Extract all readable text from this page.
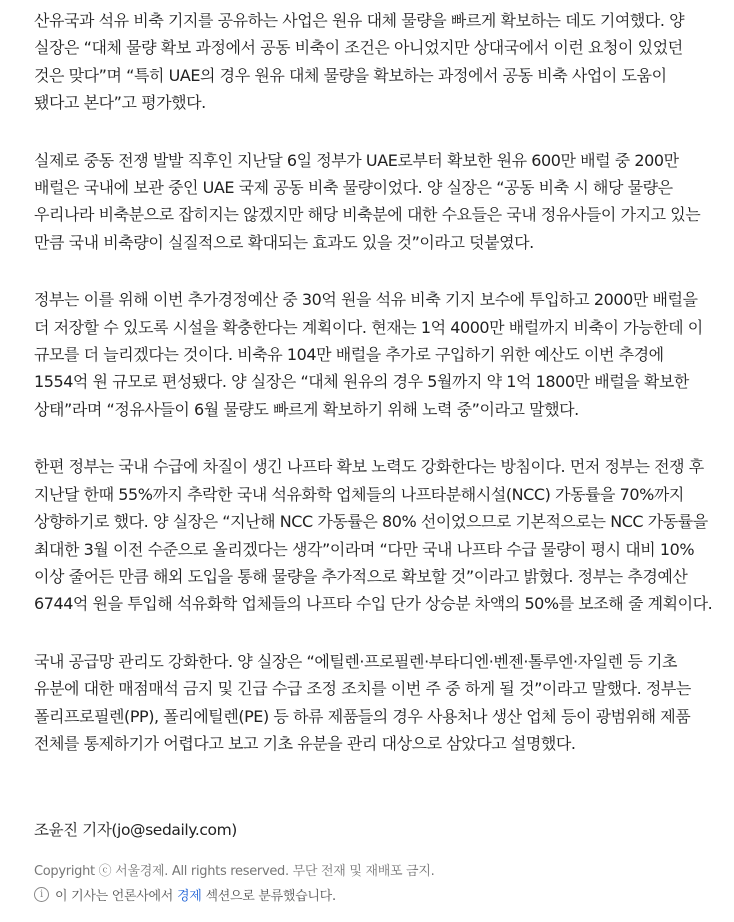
산유국과 석유 비축 기지를 공유하는 사업은 원유 대체 물량을 빠르게 확보하는 데도 기여했다. 양 실장은 “대체 물량 확보 과정에서 공동 비축이 조건은 아니었지만 상대국에서 이런 요청이 있었던 것은 맞다”며 “특히 UAE의 경우 원유 대체 물량을 확보하는 과정에서 공동 비축 사업이 도움이 됐다고 본다”고 평가했다.

실제로 중동 전쟁 발발 직후인 지난달 6일 정부가 UAE로부터 확보한 원유 600만 배럴 중 200만 배럴은 국내에 보관 중인 UAE 국제 공동 비축 물량이었다. 양 실장은 “공동 비축 시 해당 물량은 우리나라 비축분으로 잡히지는 않겠지만 해당 비축분에 대한 수요들은 국내 정유사들이 가지고 있는 만큼 국내 비축량이 실질적으로 확대되는 효과도 있을 것”이라고 덧붙였다.

정부는 이를 위해 이번 추가경정예산 중 30억 원을 석유 비축 기지 보수에 투입하고 2000만 배럴을 더 저장할 수 있도록 시설을 확충한다는 계획이다. 현재는 1억 4000만 배럴까지 비축이 가능한데 이 규모를 더 늘리겠다는 것이다. 비축유 104만 배럴을 추가로 구입하기 위한 예산도 이번 추경에 1554억 원 규모로 편성됐다. 양 실장은 “대체 원유의 경우 5월까지 약 1억 1800만 배럴을 확보한 상태”라며 “정유사들이 6월 물량도 빠르게 확보하기 위해 노력 중”이라고 말했다.

한편 정부는 국내 수급에 차질이 생긴 나프타 확보 노력도 강화한다는 방침이다. 먼저 정부는 전쟁 후 지난달 한때 55%까지 추락한 국내 석유화학 업체들의 나프타분해시설(NCC) 가동률을 70%까지 상향하기로 했다. 양 실장은 “지난해 NCC 가동률은 80% 선이었으므로 기본적으로는 NCC 가동률을 최대한 3월 이전 수준으로 올리겠다는 생각”이라며 “다만 국내 나프타 수급 물량이 평시 대비 10% 이상 줄어든 만큼 해외 도입을 통해 물량을 추가적으로 확보할 것”이라고 밝혔다. 정부는 추경예산 6744억 원을 투입해 석유화학 업체들의 나프타 수입 단가 상승분 차액의 50%를 보조해 줄 계획이다.

국내 공급망 관리도 강화한다. 양 실장은 “에틸렌·프로필렌·부타디엔·벤젠·톨루엔·자일렌 등 기초 유분에 대한 매점매석 금지 및 긴급 수급 조정 조치를 이번 주 중 하게 될 것”이라고 말했다. 정부는 폴리프로필렌(PP), 폴리에틸렌(PE) 등 하류 제품들의 경우 사용처나 생산 업체 등이 광범위해 제품 전체를 통제하기가 어렵다고 보고 기초 유분을 관리 대상으로 삼았다고 설명했다.

조윤진 기자(jo@sedaily.com)
Copyright ⓒ 서울경제. All rights reserved. 무단 전재 및 재배포 금지.
i 이 기사는 언론사에서 경제 섹션으로 분류했습니다.
